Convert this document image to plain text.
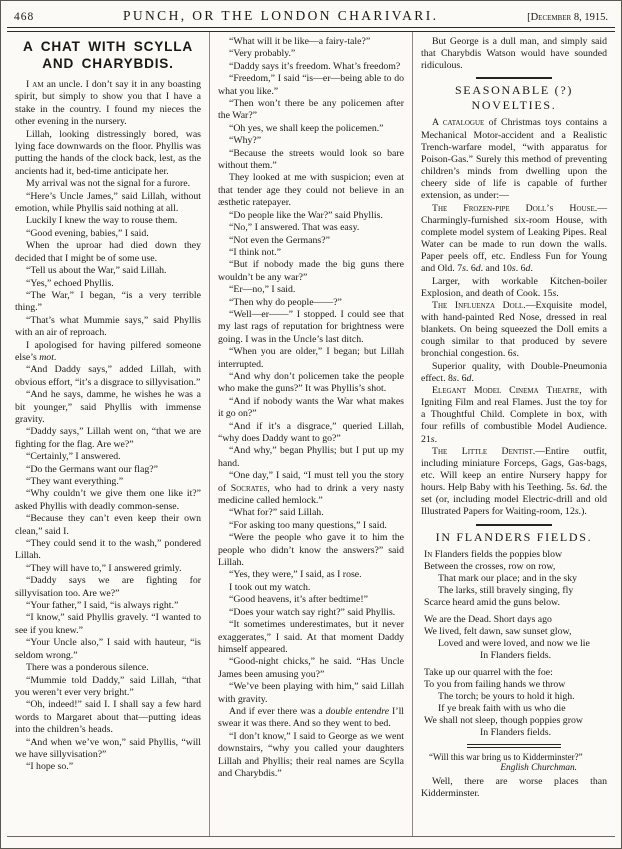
468	PUNCH, OR THE LONDON CHARIVARI.	[December 8, 1915.
A CHAT WITH SCYLLA AND CHARYBDIS.

I am an uncle. I don’t say it in any boasting spirit, but simply to show you that I have a stake in the country. I found my nieces the other evening in the nursery.

Lillah, looking distressingly bored, was lying face downwards on the floor. Phyllis was putting the hands of the clock back, lest, as the ancients had it, bed-time anticipate her.

My arrival was not the signal for a furore.

“Here’s Uncle James,” said Lillah, without emotion, while Phyllis said nothing at all.

Luckily I knew the way to rouse them.

“Good evening, babies,” I said.

When the uproar had died down they decided that I might be of some use.

“Tell us about the War,” said Lillah.

“Yes,” echoed Phyllis.

“The War,” I began, “is a very terrible thing.”

“That’s what Mummie says,” said Phyllis with an air of reproach.

I apologised for having pilfered someone else’s mot.

“And Daddy says,” added Lillah, with obvious effort, “it’s a disgrace to sillyvisation.”

“And he says, damme, he wishes he was a bit younger,” said Phyllis with immense gravity.

“Daddy says,” Lillah went on, “that we are fighting for the flag. Are we?”

“Certainly,” I answered.

“Do the Germans want our flag?”

“They want everything.”

“Why couldn’t we give them one like it?” asked Phyllis with deadly common-sense.

“Because they can’t even keep their own clean,” said I.

“They could send it to the wash,” pondered Lillah.

“They will have to,” I answered grimly.

“Daddy says we are fighting for sillyvisation too. Are we?”

“Your father,” I said, “is always right.”

“I know,” said Phyllis gravely. “I wanted to see if you knew.”

“Your Uncle also,” I said with hauteur, “is seldom wrong.”

There was a ponderous silence.

“Mummie told Daddy,” said Lillah, “that you weren’t ever very bright.”

“Oh, indeed!” said I. I shall say a few hard words to Margaret about that—putting ideas into the children’s heads.

“And when we’ve won,” said Phyllis, “will we have sillyvisation?”

“I hope so.”

“What will it be like—a fairy-tale?”

“Very probably.”

“Daddy says it’s freedom. What’s freedom?

“Freedom,” I said “is—er—being able to do what you like.”

“Then won’t there be any policemen after the War?”

“Oh yes, we shall keep the policemen.”

“Why?”

“Because the streets would look so bare without them.”

They looked at me with suspicion; even at that tender age they could not believe in an æsthetic ratepayer.

“Do people like the War?” said Phyllis.

“No,” I answered. That was easy.

“Not even the Germans?”

“I think not.”

“But if nobody made the big guns there wouldn’t be any war?”

“Er—no,” I said.

“Then why do people——?”

“Well—er——” I stopped. I could see that my last rags of reputation for brightness were going. I was in the Uncle’s last ditch.

“When you are older,” I began; but Lillah interrupted.

“And why don’t policemen take the people who make the guns?” It was Phyllis’s shot.

“And if nobody wants the War what makes it go on?”

“And if it’s a disgrace,” queried Lillah, “why does Daddy want to go?”

“And why,” began Phyllis; but I put up my hand.

“One day,” I said, “I must tell you the story of Socrates, who had to drink a very nasty medicine called hemlock.”

“What for?” said Lillah.

“For asking too many questions,” I said.

“Were the people who gave it to him the people who didn’t know the answers?” said Lillah.

“Yes, they were,” I said, as I rose.

I took out my watch.

“Good heavens, it’s after bedtime!”

“Does your watch say right?” said Phyllis.

“It sometimes underestimates, but it never exaggerates,” I said. At that moment Daddy himself appeared.

“Good-night chicks,” he said. “Has Uncle James been amusing you?”

“We’ve been playing with him,” said Lillah with gravity.

And if ever there was a double entendre I’ll swear it was there. And so they went to bed.

“I don’t know,” I said to George as we went downstairs, “why you called your daughters Lillah and Phyllis; their real names are Scylla and Charybdis.”

But George is a dull man, and simply said that Charybdis Watson would have sounded ridiculous.

SEASONABLE (?) NOVELTIES.

A catalogue of Christmas toys contains a Mechanical Motor-accident and a Realistic Trench-warfare model, “with apparatus for Poison-Gas.” Surely this method of preventing children’s minds from dwelling upon the cheery side of life is capable of further extension, as under:—

The Frozen-pipe Doll’s House.—Charmingly-furnished six-room House, with complete model system of Leaking Pipes. Real Water can be made to run down the walls. Paper peels off, etc. Endless Fun for Young and Old. 7s. 6d. and 10s. 6d.

Larger, with workable Kitchen-boiler Explosion, and death of Cook. 15s.

The Influenza Doll.—Exquisite model, with hand-painted Red Nose, dressed in real blankets. On being squeezed the Doll emits a cough similar to that produced by severe bronchial congestion. 6s.

Superior quality, with Double-Pneumonia effect. 8s. 6d.

Elegant Model Cinema Theatre, with Igniting Film and real Flames. Just the toy for a Thoughtful Child. Complete in box, with four refills of combustible Model Audience. 21s.

The Little Dentist.—Entire outfit, including miniature Forceps, Gags, Gas-bags, etc. Will keep an entire Nursery happy for hours. Help Baby with his Teething. 5s. 6d. the set (or, including model Electric-drill and old Illustrated Papers for Waiting-room, 12s.).

IN FLANDERS FIELDS.

In Flanders fields the poppies blow

Between the crosses, row on row,

That mark our place; and in the sky

The larks, still bravely singing, fly

Scarce heard amid the guns below.

We are the Dead. Short days ago

We lived, felt dawn, saw sunset glow,

Loved and were loved, and now we lie

In Flanders fields.

Take up our quarrel with the foe:

To you from failing hands we throw

The torch; be yours to hold it high.

If ye break faith with us who die

We shall not sleep, though poppies grow

In Flanders fields.

“Will this war bring us to Kidderminster?”

English Churchman.

Well, there are worse places than Kidderminster.
